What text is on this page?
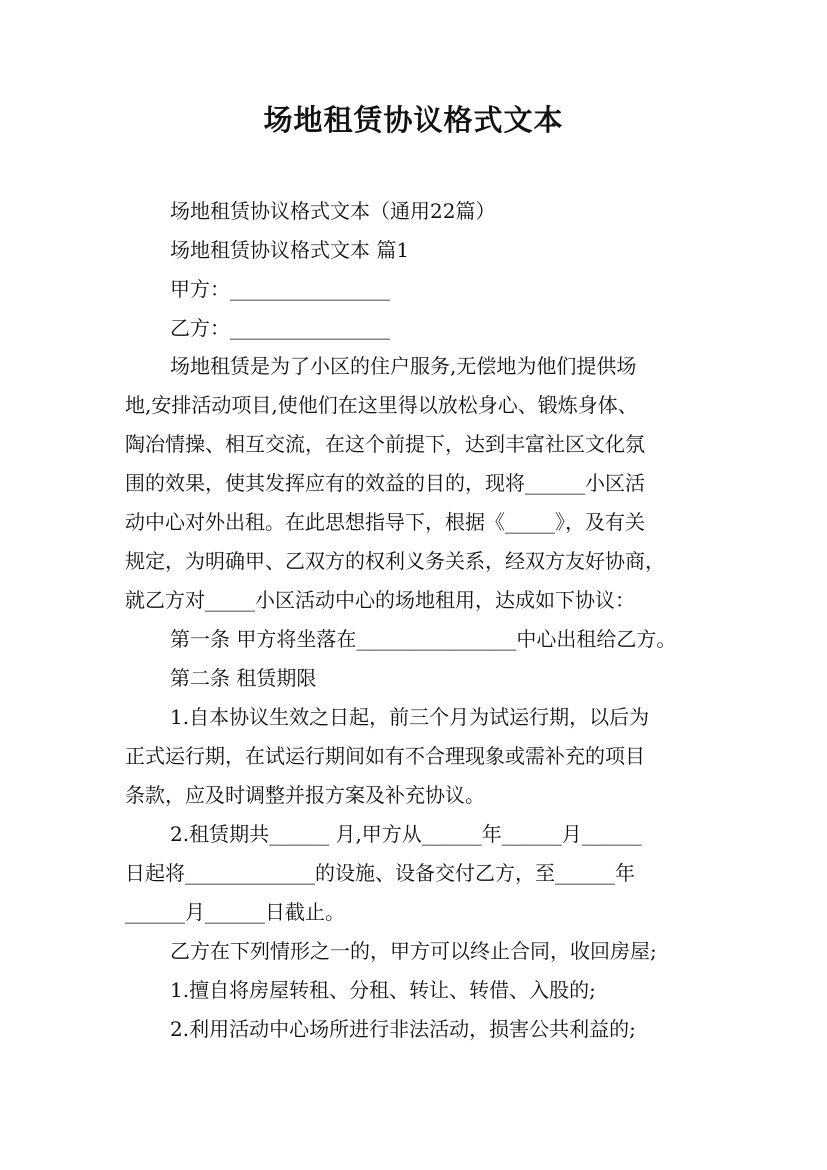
场地租赁协议格式文本
场地租赁协议格式文本（通用22篇）
场地租赁协议格式文本 篇1
甲方：________________
乙方：________________
场地租赁是为了小区的住户服务,无偿地为他们提供场
地,安排活动项目,使他们在这里得以放松身心、锻炼身体、
陶冶情操、相互交流，在这个前提下，达到丰富社区文化氛
围的效果，使其发挥应有的效益的目的，现将______小区活
动中心对外出租。在此思想指导下，根据《_____》，及有关
规定，为明确甲、乙双方的权利义务关系，经双方友好协商，
就乙方对_____小区活动中心的场地租用，达成如下协议：
第一条 甲方将坐落在________________中心出租给乙方。
第二条 租赁期限
1.自本协议生效之日起，前三个月为试运行期，以后为
正式运行期，在试运行期间如有不合理现象或需补充的项目
条款，应及时调整并报方案及补充协议。
2.租赁期共______ 月,甲方从______年______月______
日起将_____________的设施、设备交付乙方，至______年
______月______日截止。
乙方在下列情形之一的，甲方可以终止合同，收回房屋;
1.擅自将房屋转租、分租、转让、转借、入股的;
2.利用活动中心场所进行非法活动，损害公共利益的;
